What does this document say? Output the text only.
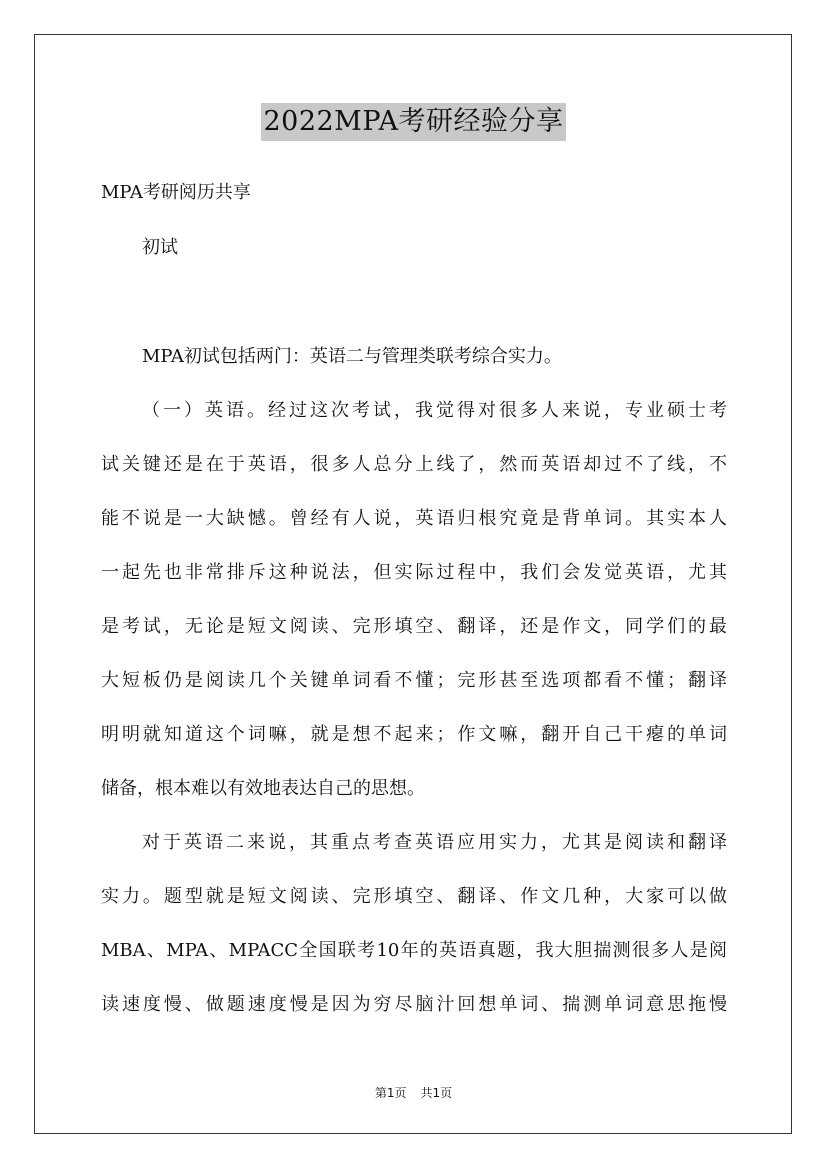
2022MPA考研经验分享
MPA考研阅历共享
初试
MPA初试包括两门：英语二与管理类联考综合实力。
（一）英语。经过这次考试，我觉得对很多人来说，专业硕士考
试关键还是在于英语，很多人总分上线了，然而英语却过不了线，不
能不说是一大缺憾。曾经有人说，英语归根究竟是背单词。其实本人
一起先也非常排斥这种说法，但实际过程中，我们会发觉英语，尤其
是考试，无论是短文阅读、完形填空、翻译，还是作文，同学们的最
大短板仍是阅读几个关键单词看不懂；完形甚至选项都看不懂；翻译
明明就知道这个词嘛，就是想不起来；作文嘛，翻开自己干瘪的单词
储备，根本难以有效地表达自己的思想。
对于英语二来说，其重点考查英语应用实力，尤其是阅读和翻译
实力。题型就是短文阅读、完形填空、翻译、作文几种，大家可以做
MBA、MPA、MPACC全国联考10年的英语真题，我大胆揣测很多人是阅
读速度慢、做题速度慢是因为穷尽脑汁回想单词、揣测单词意思拖慢
第1页 共1页
